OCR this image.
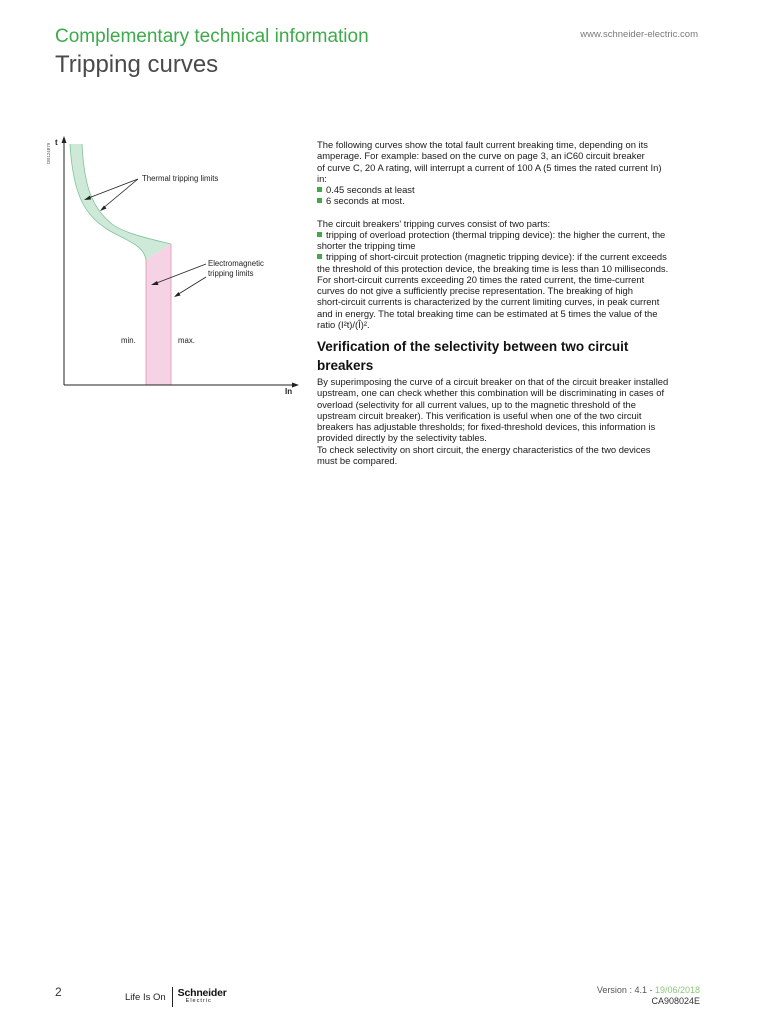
Complementary technical information
Tripping curves
www.schneider-electric.com
DB124879
t
In
Thermal tripping limits
Electromagnetic
tripping limits
min.	max.

The following curves show the total fault current breaking time, depending on its

amperage. For example: based on the curve on page 3, an iC60 circuit breaker

of curve C, 20 A rating, will interrupt a current of 100 A (5 times the rated current In)

in:

0.45 seconds at least

6 seconds at most.

The circuit breakers' tripping curves consist of two parts:

tripping of overload protection (thermal tripping device): the higher the current, the

shorter the tripping time

tripping of short-circuit protection (magnetic tripping device): if the current exceeds

the threshold of this protection device, the breaking time is less than 10 milliseconds.

For short-circuit currents exceeding 20 times the rated current, the time-current

curves do not give a sufficiently precise representation. The breaking of high

short-circuit currents is characterized by the current limiting curves, in peak current

and in energy. The total breaking time can be estimated at 5 times the value of the

ratio (I²t)/(Î)².

Verification of the selectivity between two circuit
breakers

By superimposing the curve of a circuit breaker on that of the circuit breaker installed

upstream, one can check whether this combination will be discriminating in cases of

overload (selectivity for all current values, up to the magnetic threshold of the

upstream circuit breaker). This verification is useful when one of the two circuit

breakers has adjustable thresholds; for fixed-threshold devices, this information is

provided directly by the selectivity tables.

To check selectivity on short circuit, the energy characteristics of the two devices

must be compared.

2	Life Is On	Schneider
Electric
Version : 4.1 - 19/06/2018
CA908024E
